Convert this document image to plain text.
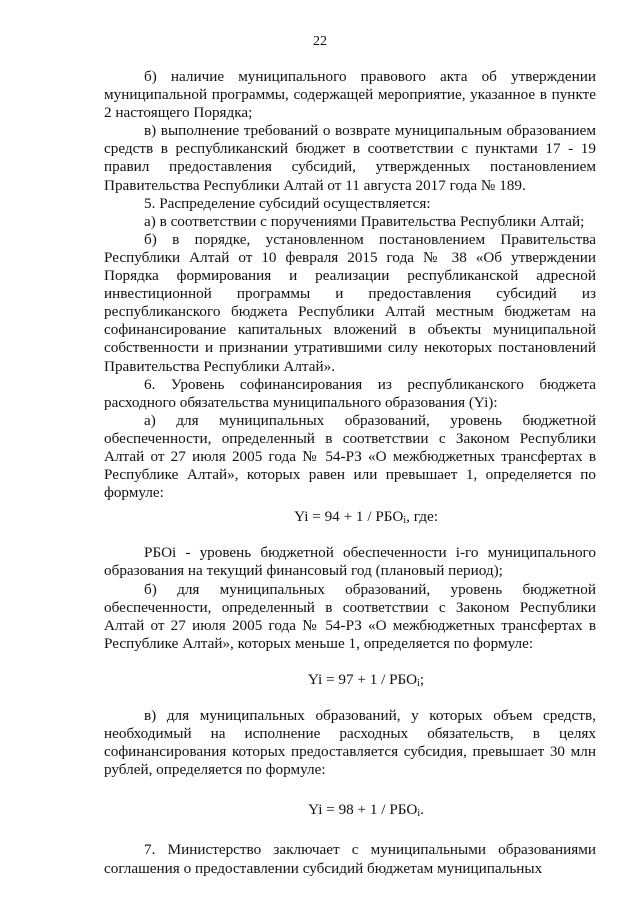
22

б) наличие муниципального правового акта об утверждении муниципальной программы, содержащей мероприятие, указанное в пункте 2 настоящего Порядка;

в) выполнение требований о возврате муниципальным образованием средств в республиканский бюджет в соответствии с пунктами 17 - 19 правил предоставления субсидий, утвержденных постановлением Правительства Республики Алтай от 11 августа 2017 года № 189.

5. Распределение субсидий осуществляется:

а) в соответствии с поручениями Правительства Республики Алтай;

б) в порядке, установленном постановлением Правительства Республики Алтай от 10 февраля 2015 года № 38 «Об утверждении Порядка формирования и реализации республиканской адресной инвестиционной программы и предоставления субсидий из республиканского бюджета Республики Алтай местным бюджетам на софинансирование капитальных вложений в объекты муниципальной собственности и признании утратившими силу некоторых постановлений Правительства Республики Алтай».

6. Уровень софинансирования из республиканского бюджета расходного обязательства муниципального образования (Yi):

а) для муниципальных образований, уровень бюджетной обеспеченности, определенный в соответствии с Законом Республики Алтай от 27 июля 2005 года № 54-РЗ «О межбюджетных трансфертах в Республике Алтай», которых равен или превышает 1, определяется по формуле:

$Yi = 94 + 1 / РБО_i$, где:

РБОi - уровень бюджетной обеспеченности i-го муниципального образования на текущий финансовый год (плановый период);

б) для муниципальных образований, уровень бюджетной обеспеченности, определенный в соответствии с Законом Республики Алтай от 27 июля 2005 года № 54-РЗ «О межбюджетных трансфертах в Республике Алтай», которых меньше 1, определяется по формуле:

$Yi = 97 + 1 / РБО_i$;

в) для муниципальных образований, у которых объем средств, необходимый на исполнение расходных обязательств, в целях софинансирования которых предоставляется субсидия, превышает 30 млн рублей, определяется по формуле:

$Yi = 98 + 1 / РБО_i$.

7. Министерство заключает с муниципальными образованиями соглашения о предоставлении субсидий бюджетам муниципальных
